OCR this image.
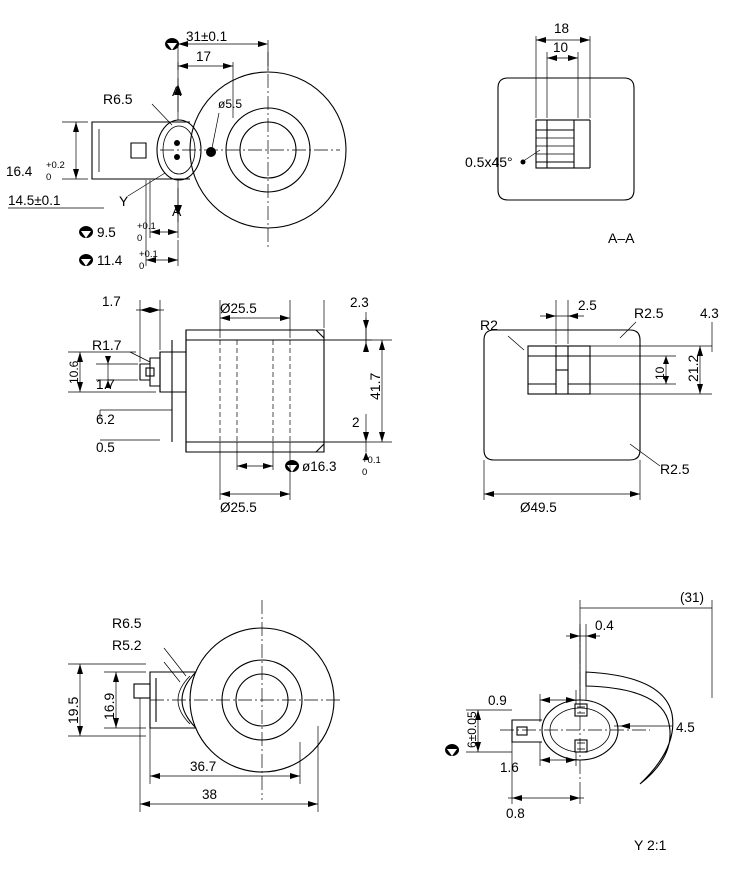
ø5.5
R6.5
Y
A
A
31±0.1
17
16.4 +0.2
0
14.5±0.1
9.5 +0.1
0
11.4 +0.1
0
0.5x45°
18
10
A–A
1.7	Ø25.5	2.3
R1.7
10.6
1.7
6.2
0.5
41.7
2
ø16.3	+0.1
0
Ø25.5
R2
2.5	R2.5	4.3
21.2
10
R2.5
Ø49.5
R6.5
R5.2
19.5 16.9
36.7
38
(31)
0.4
0.9
6±0.05	4.5
1.6
0.8
Y 2:1
